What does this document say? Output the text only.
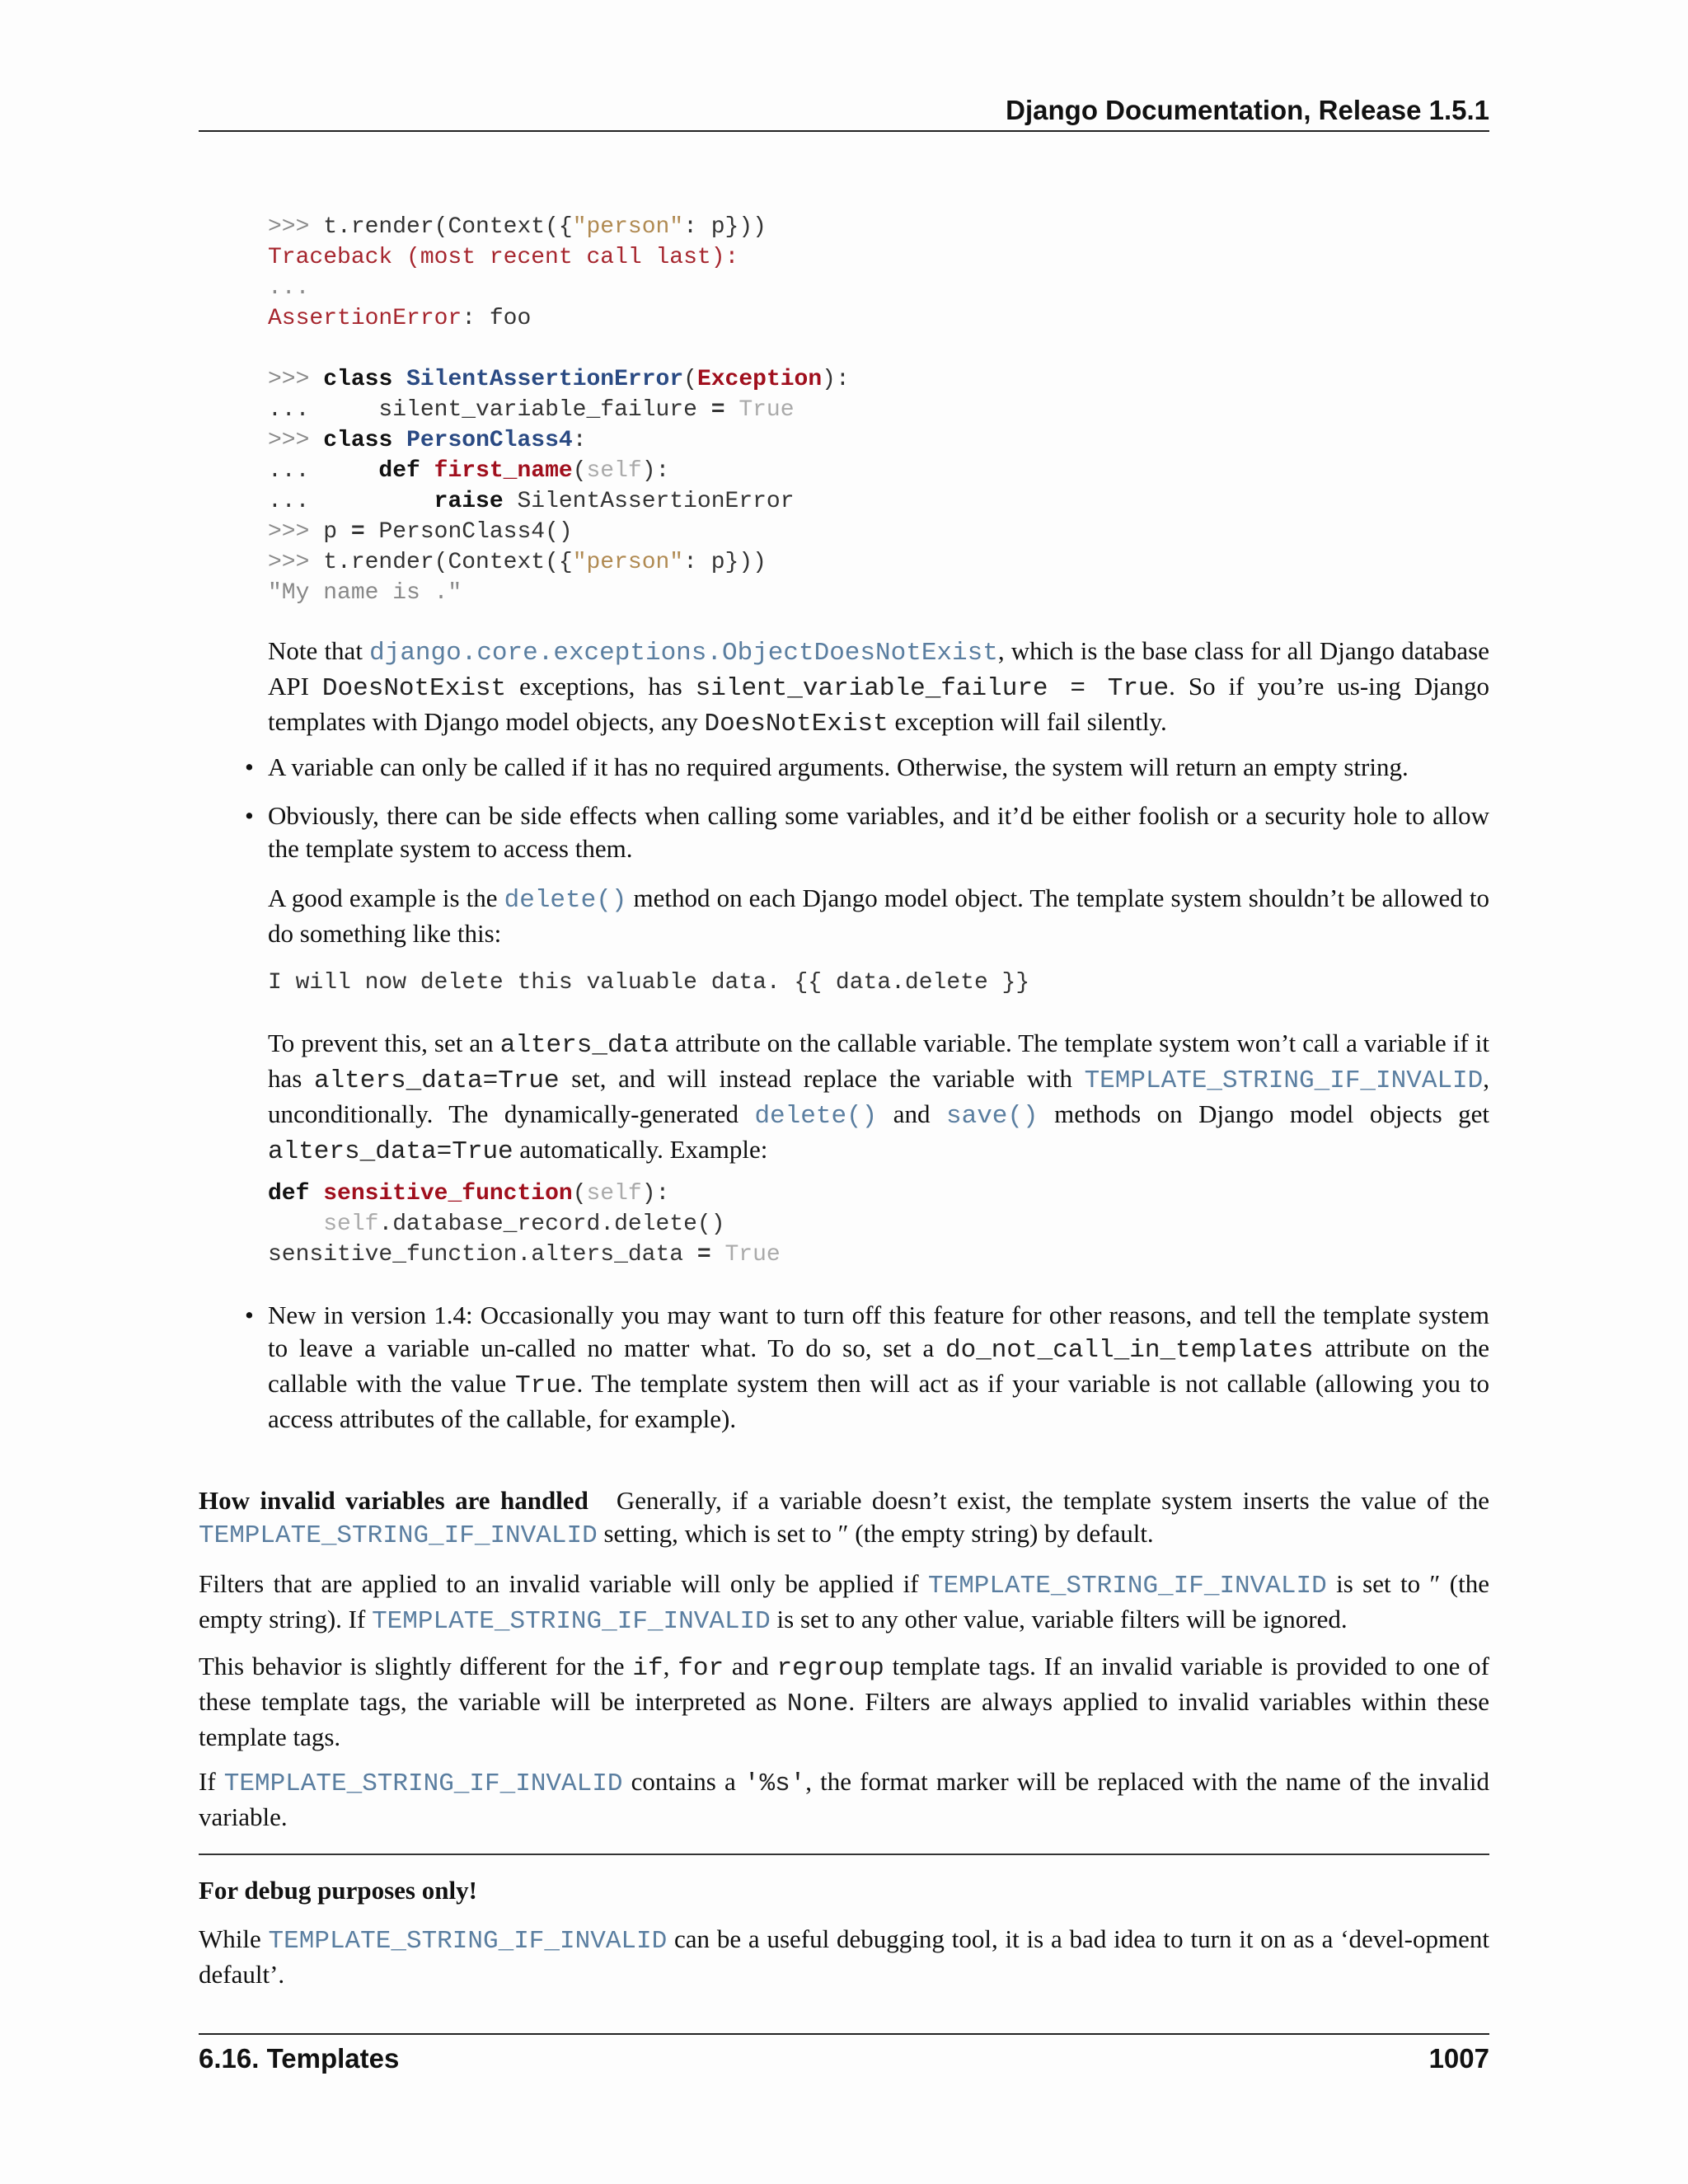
Django Documentation, Release 1.5.1
>>> t.render(Context({"person": p}))
Traceback (most recent call last):
...
AssertionError: foo

>>> class SilentAssertionError(Exception):
...     silent_variable_failure = True
>>> class PersonClass4:
...     def first_name(self):
...         raise SilentAssertionError
>>> p = PersonClass4()
>>> t.render(Context({"person": p}))
"My name is ."

Note that django.core.exceptions.ObjectDoesNotExist, which is the base class for all Django database API DoesNotExist exceptions, has silent_variable_failure = True. So if you’re us-ing Django templates with Django model objects, any DoesNotExist exception will fail silently.

• A variable can only be called if it has no required arguments. Otherwise, the system will return an empty string.

• Obviously, there can be side effects when calling some variables, and it’d be either foolish or a security hole to allow the template system to access them.

A good example is the delete() method on each Django model object. The template system shouldn’t be allowed to do something like this:

I will now delete this valuable data. {{ data.delete }}

To prevent this, set an alters_data attribute on the callable variable. The template system won’t call a variable if it has alters_data=True set, and will instead replace the variable with TEMPLATE_STRING_IF_INVALID, unconditionally. The dynamically-generated delete() and save() methods on Django model objects get alters_data=True automatically. Example:

def sensitive_function(self):
self.database_record.delete()
sensitive_function.alters_data = True
• New in version 1.4: Occasionally you may want to turn off this feature for other reasons, and tell the template system to leave a variable un-called no matter what. To do so, set a do_not_call_in_templates attribute on the callable with the value True. The template system then will act as if your variable is not callable (allowing you to access attributes of the callable, for example).

How invalid variables are handled Generally, if a variable doesn’t exist, the template system inserts the value of the TEMPLATE_STRING_IF_INVALID setting, which is set to ″ (the empty string) by default.

Filters that are applied to an invalid variable will only be applied if TEMPLATE_STRING_IF_INVALID is set to ″ (the empty string). If TEMPLATE_STRING_IF_INVALID is set to any other value, variable filters will be ignored.

This behavior is slightly different for the if, for and regroup template tags. If an invalid variable is provided to one of these template tags, the variable will be interpreted as None. Filters are always applied to invalid variables within these template tags.

If TEMPLATE_STRING_IF_INVALID contains a '%s', the format marker will be replaced with the name of the invalid variable.

For debug purposes only!

While TEMPLATE_STRING_IF_INVALID can be a useful debugging tool, it is a bad idea to turn it on as a ‘devel-opment default’.

6.16. Templates	1007
